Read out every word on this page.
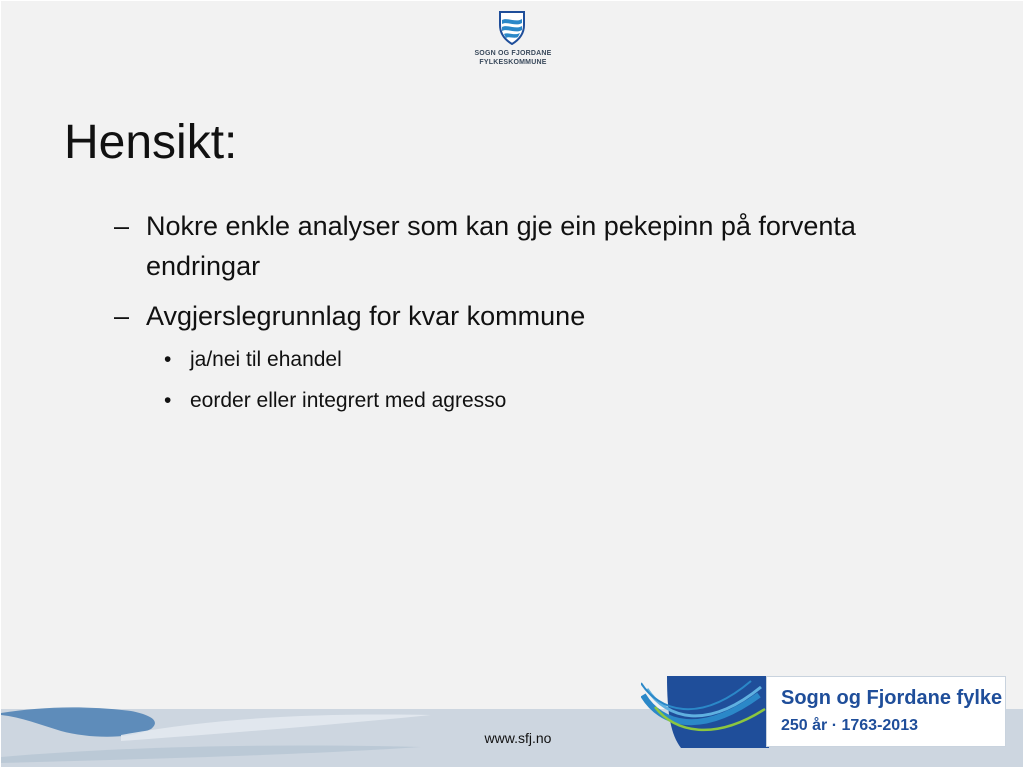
SOGN OG FJORDANE
FYLKESKOMMUNE
Hensikt:
– Nokre enkle analyser som kan gje ein pekepinn på forventa endringar
– Avgjerslegrunnlag for kvar kommune
• ja/nei til ehandel
• eorder eller integrert med agresso
www.sfj.no
Sogn og Fjordane fylke
250 år · 1763-2013
